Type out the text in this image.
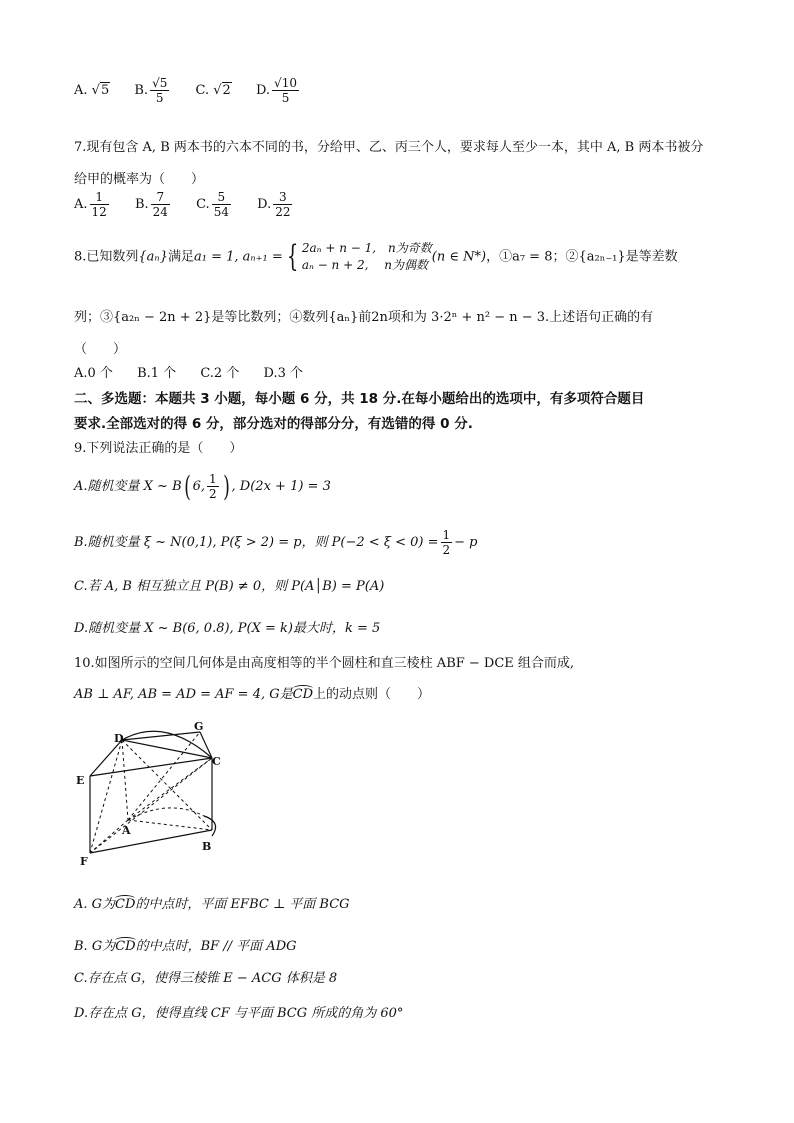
A. √5 B. $\frac{√5}{5} C$. √2 D. $\frac{√10}{5}$
7.现有包含 A, B 两本书的六本不同的书，分给甲、乙、丙三个人，要求每人至少一本，其中 A, B 两本书被分
给甲的概率为（　　）
A. $\frac{1}{12} B$. $\frac{7}{24} C$. $\frac{5}{54} D$. $\frac{3}{22}$
8.已知数列{aₙ}满足a₁ = 1, aₙ₊₁ = { 2aₙ + n − 1,　n为奇数
aₙ − n + 2,　 n为偶数
(n ∈ N*)，①a₇ = 8；②{a₂ₙ₋₁}是等差数
列；③{a₂ₙ − 2n + 2}是等比数列；④数列{aₙ}前2n项和为 3·2ⁿ + n² − n − 3.上述语句正确的有
（　　）
A.0 个 B.1 个 C.2 个 D.3 个
二、多选题：本题共 3 小题，每小题 6 分，共 18 分.在每小题给出的选项中，有多项符合题目
要求.全部选对的得 6 分，部分选对的得部分分，有选错的得 0 分.
9.下列说法正确的是（　　）
A.随机变量 X ~ B( 6, $\frac{1}{2}$ ) , D(2x + 1) = 3
B.随机变量 ξ ~ N(0,1), P(ξ > 2) = p，则 $P(-2 < \xi < 0) = \frac{1}{2} - p$
C.若 A, B 相互独立且 P(B) ≠ 0，则 P(A│B) = P(A)
D.随机变量 X ~ B(6, 0.8), P(X = k)最大时，k = 5
10.如图所示的空间几何体是由高度相等的半个圆柱和直三棱柱 ABF − DCE 组合而成,
AB ⊥ AF, AB = AD = AF = 4, G是CD上的动点则（　　）
D
G
C
E
A
B
F
A. G为CD的中点时，平面 EFBC ⊥ 平面 BCG
B. G为CD的中点时，BF // 平面 ADG
C.存在点 G，使得三棱锥 E − ACG 体积是 8
D.存在点 G，使得直线 CF 与平面 BCG 所成的角为 60°
